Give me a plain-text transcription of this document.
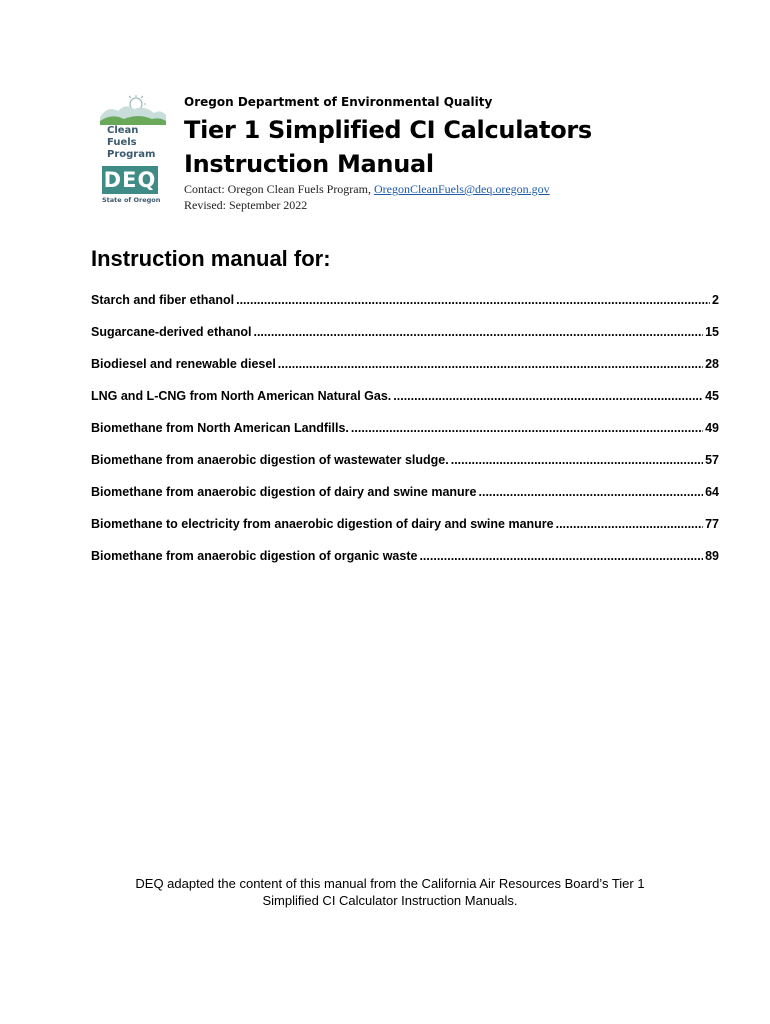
Clean
Fuels
Program
DEQ
State of Oregon
Oregon Department of Environmental Quality
Tier 1 Simplified CI Calculators
Instruction Manual
Contact: Oregon Clean Fuels Program, OregonCleanFuels@deq.oregon.gov
Revised: September 2022
Instruction manual for:
Starch and fiber ethanol .....	2
Sugarcane-derived ethanol .....	15
Biodiesel and renewable diesel .....	28
LNG and L-CNG from North American Natural Gas. .....	45
Biomethane from North American Landfills. .....	49
Biomethane from anaerobic digestion of wastewater sludge. .....	57
Biomethane from anaerobic digestion of dairy and swine manure .....	64
Biomethane to electricity from anaerobic digestion of dairy and swine manure .....	77
Biomethane from anaerobic digestion of organic waste .....	89
DEQ adapted the content of this manual from the California Air Resources Board’s Tier 1
Simplified CI Calculator Instruction Manuals.
